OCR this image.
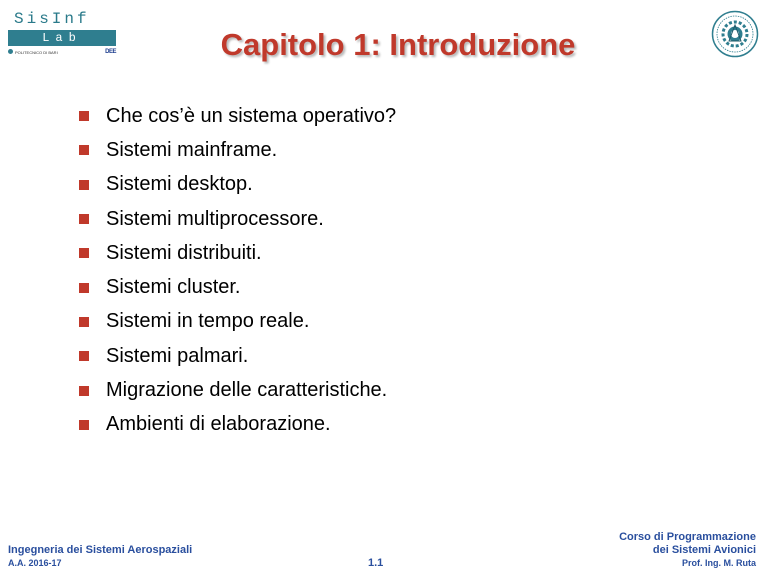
SisInf
Lab
POLITECNICO DI BARI	DEE	Capitolo 1: Introduzione
Che cos’è un sistema operativo?
Sistemi mainframe.
Sistemi desktop.
Sistemi multiprocessore.
Sistemi distribuiti.
Sistemi cluster.
Sistemi in tempo reale.
Sistemi palmari.
Migrazione delle caratteristiche.
Ambienti di elaborazione.
Ingegneria dei Sistemi Aerospaziali
A.A. 2016-17	1.1
Corso di Programmazione
dei Sistemi Avionici
Prof. Ing. M. Ruta
